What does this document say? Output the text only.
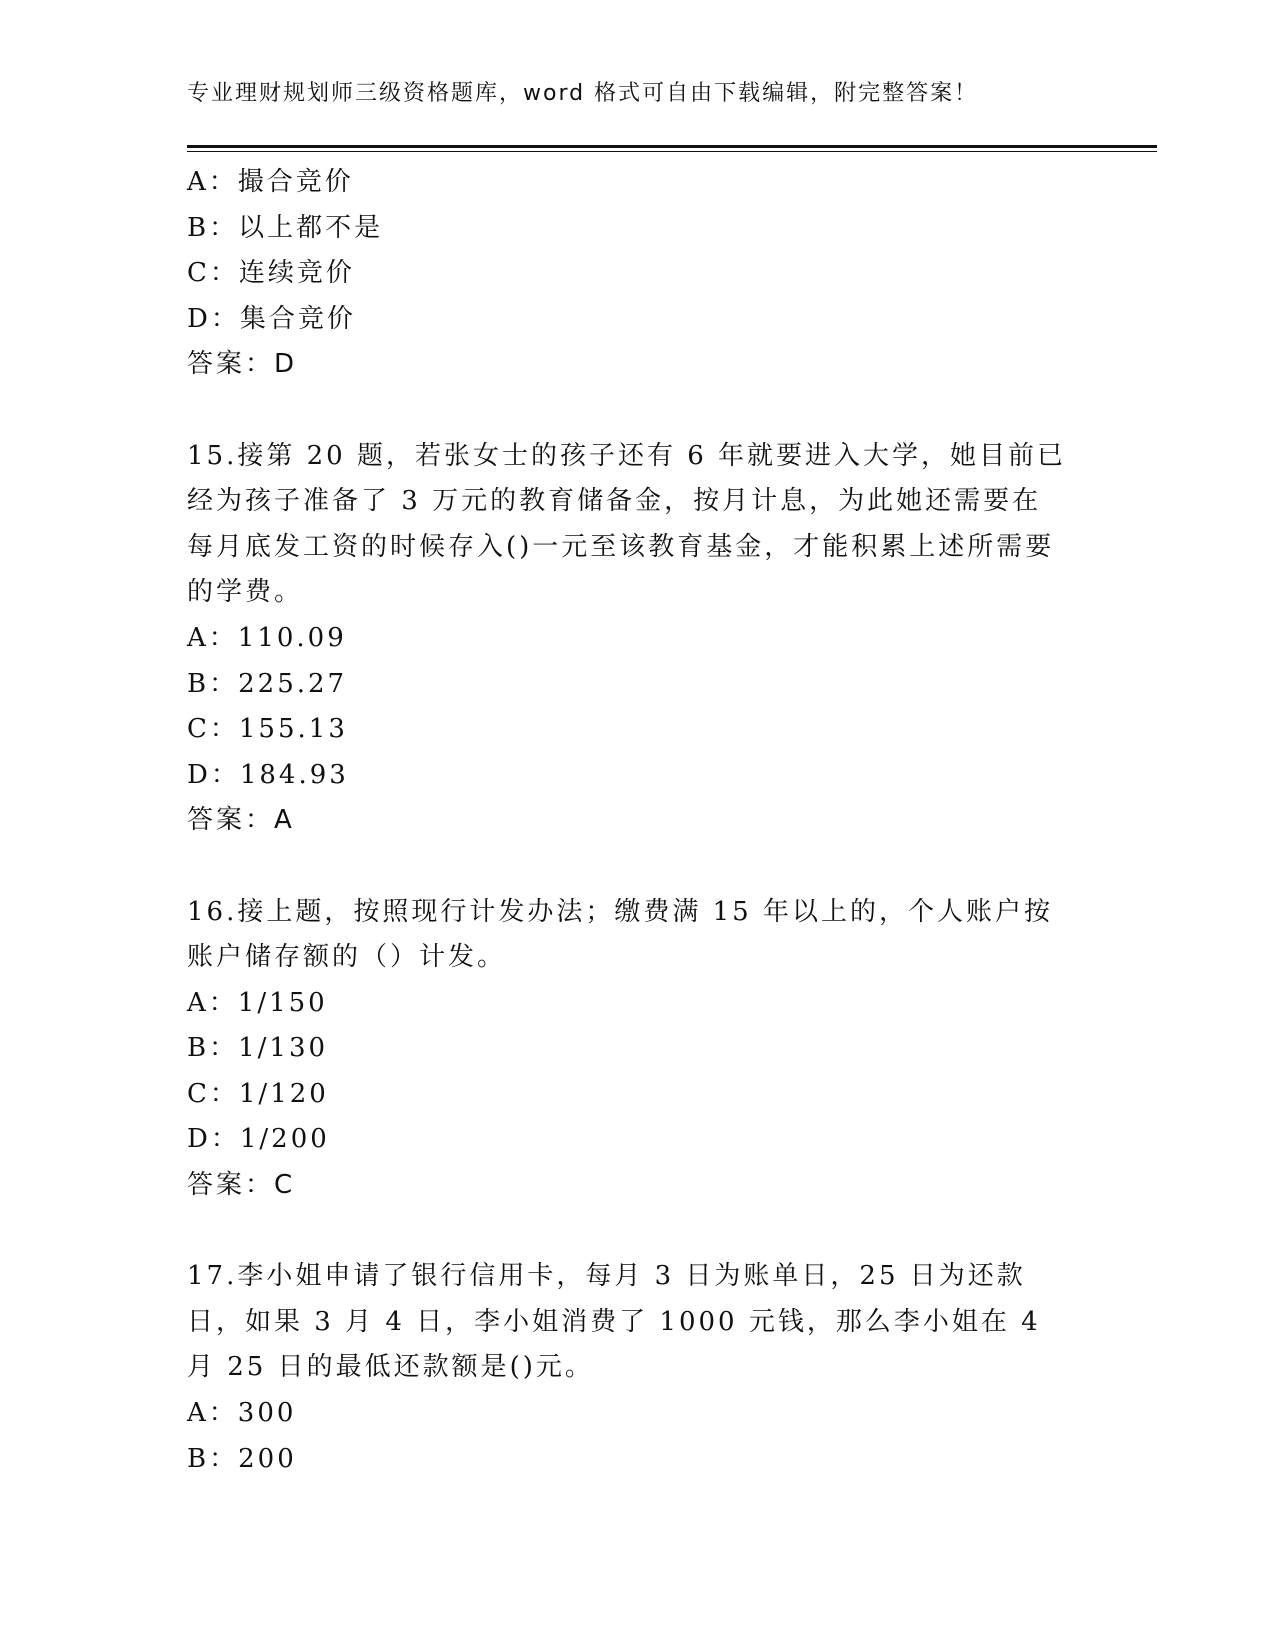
专业理财规划师三级资格题库，word 格式可自由下载编辑，附完整答案！
A：撮合竞价
B：以上都不是
C：连续竞价
D：集合竞价
答案：D
15.接第 20 题，若张女士的孩子还有 6 年就要进入大学，她目前已经为孩子准备了 3 万元的教育储备金，按月计息，为此她还需要在每月底发工资的时候存入()一元至该教育基金，才能积累上述所需要的学费。
A：110.09
B：225.27
C：155.13
D：184.93
答案：A
16.接上题，按照现行计发办法；缴费满 15 年以上的，个人账户按账户储存额的（）计发。
A：1/150
B：1/130
C：1/120
D：1/200
答案：C
17.李小姐申请了银行信用卡，每月 3 日为账单日，25 日为还款日，如果 3 月 4 日，李小姐消费了 1000 元钱，那么李小姐在 4 月 25 日的最低还款额是()元。
A：300
B：200
